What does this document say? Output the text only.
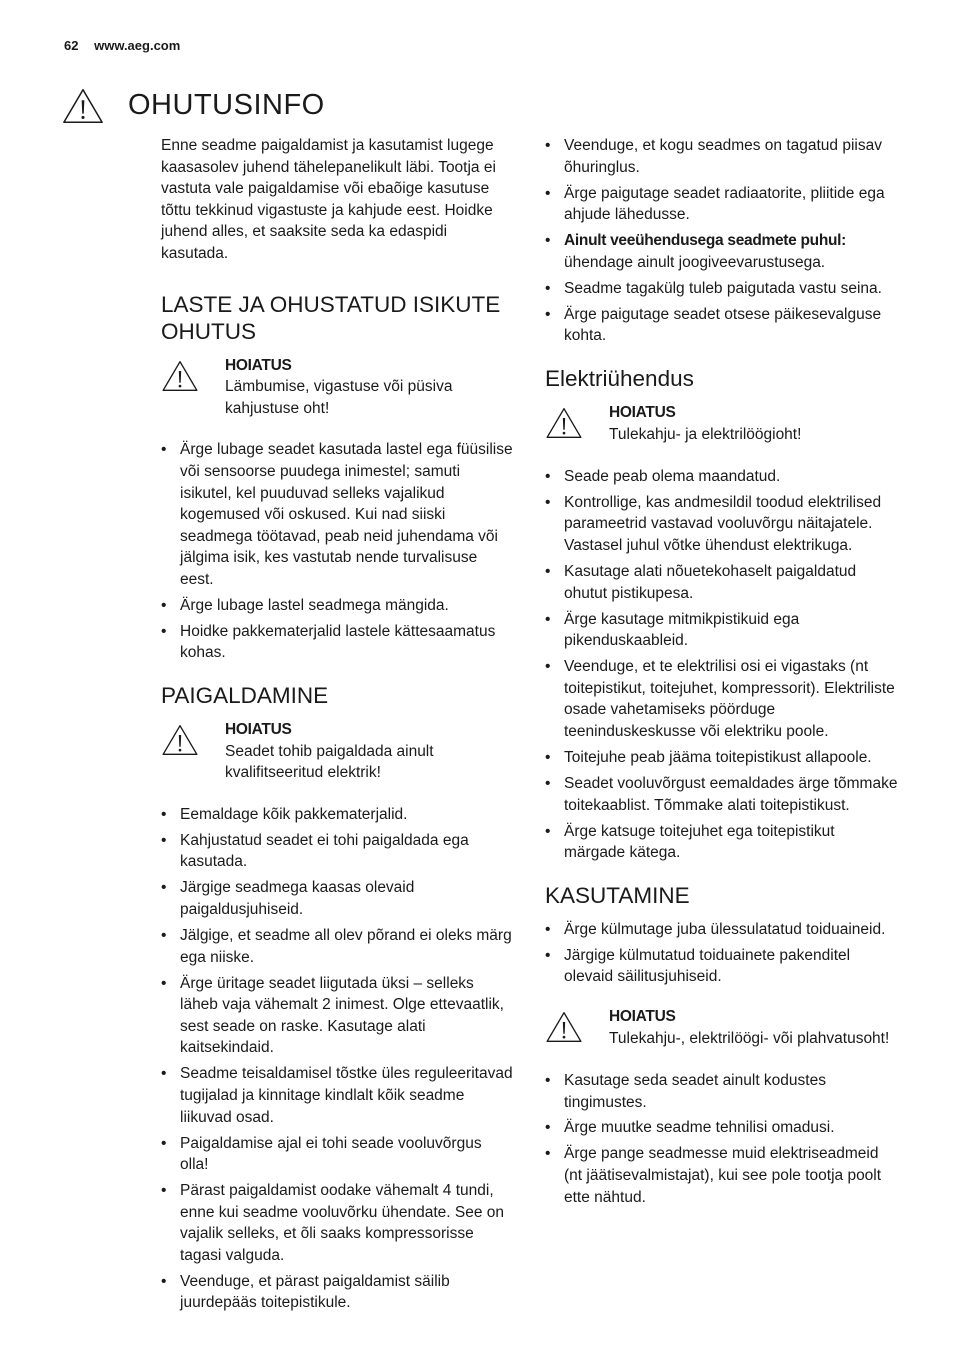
62 www.aeg.com
OHUTUSINFO

Enne seadme paigaldamist ja kasutamist lugege kaasasolev juhend tähelepanelikult läbi. Tootja ei vastuta vale paigaldamise või ebaõige kasutuse tõttu tekkinud vigastuste ja kahjude eest. Hoidke juhend alles, et saaksite seda ka edaspidi kasutada.

LASTE JA OHUSTATUD ISIKUTE OHUTUS
HOIATUS
Lämbumise, vigastuse või püsiva kahjustuse oht!
• Ärge lubage seadet kasutada lastel ega füüsilise või sensoorse puudega inimestel; samuti isikutel, kel puuduvad selleks vajalikud kogemused või oskused. Kui nad siiski seadmega töötavad, peab neid juhendama või jälgima isik, kes vastutab nende turvalisuse eest.
• Ärge lubage lastel seadmega mängida.
• Hoidke pakkematerjalid lastele kättesaamatus kohas.
PAIGALDAMINE
HOIATUS
Seadet tohib paigaldada ainult kvalifitseeritud elektrik!
• Eemaldage kõik pakkematerjalid.
• Kahjustatud seadet ei tohi paigaldada ega kasutada.
• Järgige seadmega kaasas olevaid paigaldusjuhiseid.
• Jälgige, et seadme all olev põrand ei oleks märg ega niiske.
• Ärge üritage seadet liigutada üksi – selleks läheb vaja vähemalt 2 inimest. Olge ettevaatlik, sest seade on raske. Kasutage alati kaitsekindaid.
• Seadme teisaldamisel tõstke üles reguleeritavad tugijalad ja kinnitage kindlalt kõik seadme liikuvad osad.
• Paigaldamise ajal ei tohi seade vooluvõrgus olla!
• Pärast paigaldamist oodake vähemalt 4 tundi, enne kui seadme vooluvõrku ühendate. See on vajalik selleks, et õli saaks kompressorisse tagasi valguda.
• Veenduge, et pärast paigaldamist säilib juurdepääs toitepistikule.
• Veenduge, et kogu seadmes on tagatud piisav õhuringlus.
• Ärge paigutage seadet radiaatorite, pliitide ega ahjude lähedusse.
• Ainult veeühendusega seadmete puhul: ühendage ainult joogiveevarustusega.
• Seadme tagakülg tuleb paigutada vastu seina.
• Ärge paigutage seadet otsese päikesevalguse kohta.
Elektriühendus
HOIATUS
Tulekahju- ja elektrilöögioht!
• Seade peab olema maandatud.
• Kontrollige, kas andmesildil toodud elektrilised parameetrid vastavad vooluvõrgu näitajatele. Vastasel juhul võtke ühendust elektrikuga.
• Kasutage alati nõuetekohaselt paigaldatud ohutut pistikupesa.
• Ärge kasutage mitmikpistikuid ega pikenduskaableid.
• Veenduge, et te elektrilisi osi ei vigastaks (nt toitepistikut, toitejuhet, kompressorit). Elektriliste osade vahetamiseks pöörduge teeninduskeskusse või elektriku poole.
• Toitejuhe peab jääma toitepistikust allapoole.
• Seadet vooluvõrgust eemaldades ärge tõmmake toitekaablist. Tõmmake alati toitepistikust.
• Ärge katsuge toitejuhet ega toitepistikut märgade kätega.
KASUTAMINE
• Ärge külmutage juba ülessulatatud toiduaineid.
• Järgige külmutatud toiduainete pakenditel olevaid säilitusjuhiseid.
HOIATUS
Tulekahju-, elektrilöögi- või plahvatusoht!
• Kasutage seda seadet ainult kodustes tingimustes.
• Ärge muutke seadme tehnilisi omadusi.
• Ärge pange seadmesse muid elektriseadmeid (nt jäätisevalmistajat), kui see pole tootja poolt ette nähtud.
